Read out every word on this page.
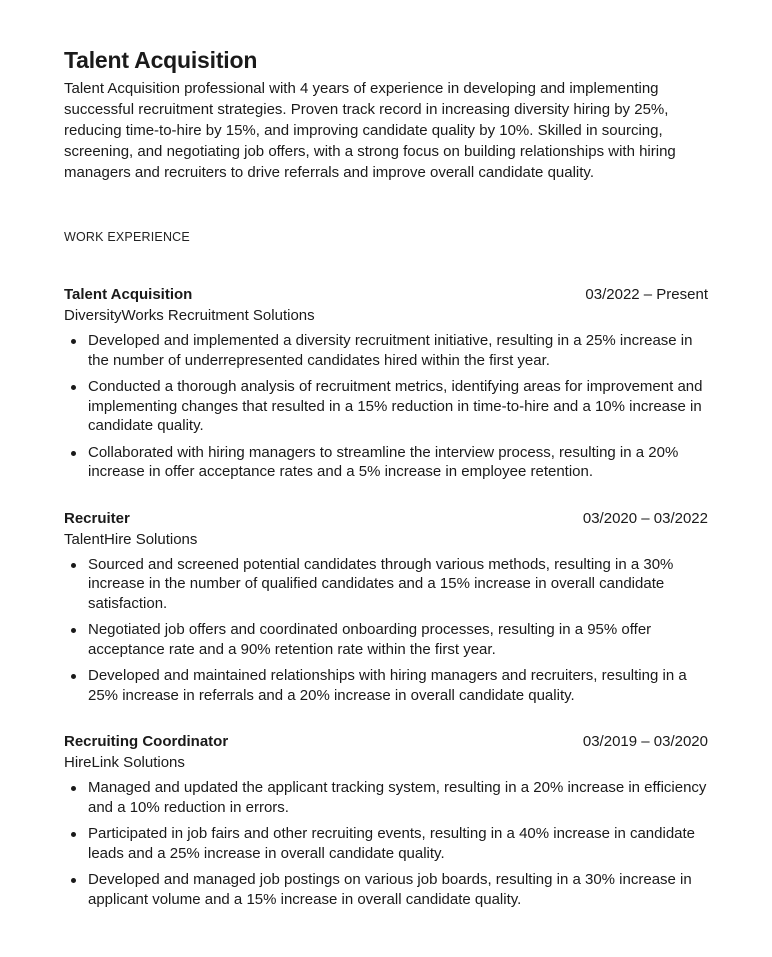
Talent Acquisition

Talent Acquisition professional with 4 years of experience in developing and implementing successful recruitment strategies. Proven track record in increasing diversity hiring by 25%, reducing time-to-hire by 15%, and improving candidate quality by 10%. Skilled in sourcing, screening, and negotiating job offers, with a strong focus on building relationships with hiring managers and recruiters to drive referrals and improve overall candidate quality.

WORK EXPERIENCE
Talent Acquisition	03/2022 – Present
DiversityWorks Recruitment Solutions
Developed and implemented a diversity recruitment initiative, resulting in a 25% increase in the number of underrepresented candidates hired within the first year.
Conducted a thorough analysis of recruitment metrics, identifying areas for improvement and implementing changes that resulted in a 15% reduction in time-to-hire and a 10% increase in candidate quality.
Collaborated with hiring managers to streamline the interview process, resulting in a 20% increase in offer acceptance rates and a 5% increase in employee retention.
Recruiter	03/2020 – 03/2022
TalentHire Solutions
Sourced and screened potential candidates through various methods, resulting in a 30% increase in the number of qualified candidates and a 15% increase in overall candidate satisfaction.
Negotiated job offers and coordinated onboarding processes, resulting in a 95% offer acceptance rate and a 90% retention rate within the first year.
Developed and maintained relationships with hiring managers and recruiters, resulting in a 25% increase in referrals and a 20% increase in overall candidate quality.
Recruiting Coordinator	03/2019 – 03/2020
HireLink Solutions
Managed and updated the applicant tracking system, resulting in a 20% increase in efficiency and a 10% reduction in errors.
Participated in job fairs and other recruiting events, resulting in a 40% increase in candidate leads and a 25% increase in overall candidate quality.
Developed and managed job postings on various job boards, resulting in a 30% increase in applicant volume and a 15% increase in overall candidate quality.
